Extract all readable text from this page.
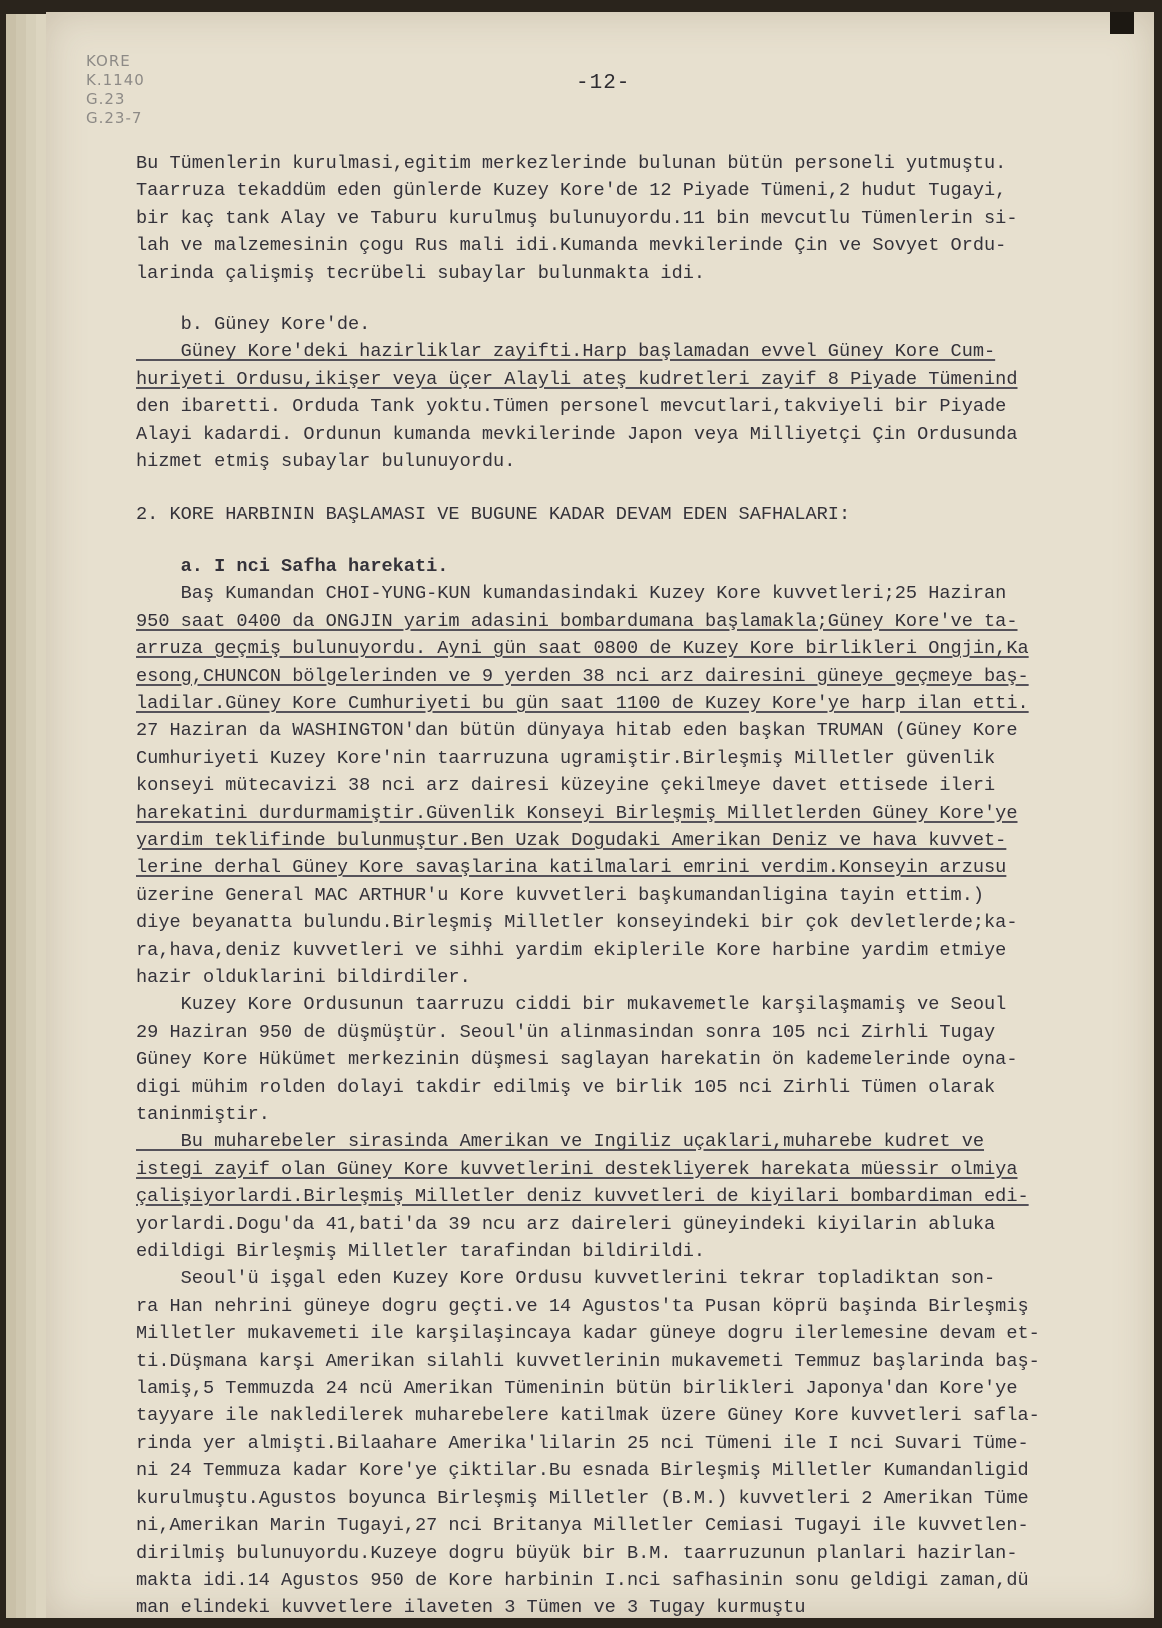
KORE
K.1140
G.23
G.23-7
-12-
Bu Tümenlerin kurulmasi,egitim merkezlerinde bulunan bütün personeli yutmuştu.
Taarruza tekaddüm eden günlerde Kuzey Kore'de 12 Piyade Tümeni,2 hudut Tugayi,
bir kaç tank Alay ve Taburu kurulmuş bulunuyordu.11 bin mevcutlu Tümenlerin si-
lah ve malzemesinin çogu Rus mali idi.Kumanda mevkilerinde Çin ve Sovyet Ordu-
larinda çalişmiş tecrübeli subaylar bulunmakta idi.
b. Güney Kore'de.
Güney Kore'deki hazirliklar zayifti.Harp başlamadan evvel Güney Kore Cum-
huriyeti Ordusu,ikişer veya üçer Alayli ateş kudretleri zayif 8 Piyade Tümenind
den ibaretti. Orduda Tank yoktu.Tümen personel mevcutlari,takviyeli bir Piyade
Alayi kadardi. Ordunun kumanda mevkilerinde Japon veya Milliyetçi Çin Ordusunda
hizmet etmiş subaylar bulunuyordu.
2. KORE HARBININ BAŞLAMASI VE BUGUNE KADAR DEVAM EDEN SAFHALARI:
a. I nci Safha harekati.
Baş Kumandan CHOI-YUNG-KUN kumandasindaki Kuzey Kore kuvvetleri;25 Haziran
950 saat 0400 da ONGJIN yarim adasini bombardumana başlamakla;Güney Kore've ta-
arruza geçmiş bulunuyordu. Ayni gün saat 0800 de Kuzey Kore birlikleri Ongjin,Ka
esong,CHUNCON bölgelerinden ve 9 yerden 38 nci arz dairesini güneye geçmeye baş-
ladilar.Güney Kore Cumhuriyeti bu gün saat 1100 de Kuzey Kore'ye harp ilan etti.
27 Haziran da WASHINGTON'dan bütün dünyaya hitab eden başkan TRUMAN (Güney Kore
Cumhuriyeti Kuzey Kore'nin taarruzuna ugramiştir.Birleşmiş Milletler güvenlik
konseyi mütecavizi 38 nci arz dairesi küzeyine çekilmeye davet ettisede ileri
harekatini durdurmamiştir.Güvenlik Konseyi Birleşmiş Milletlerden Güney Kore'ye
yardim teklifinde bulunmuştur.Ben Uzak Dogudaki Amerikan Deniz ve hava kuvvet-
lerine derhal Güney Kore savaşlarina katilmalari emrini verdim.Konseyin arzusu
üzerine General MAC ARTHUR'u Kore kuvvetleri başkumandanligina tayin ettim.)
diye beyanatta bulundu.Birleşmiş Milletler konseyindeki bir çok devletlerde;ka-
ra,hava,deniz kuvvetleri ve sihhi yardim ekiplerile Kore harbine yardim etmiye
hazir olduklarini bildirdiler.
Kuzey Kore Ordusunun taarruzu ciddi bir mukavemetle karşilaşmamiş ve Seoul
29 Haziran 950 de düşmüştür. Seoul'ün alinmasindan sonra 105 nci Zirhli Tugay
Güney Kore Hükümet merkezinin düşmesi saglayan harekatin ön kademelerinde oyna-
digi mühim rolden dolayi takdir edilmiş ve birlik 105 nci Zirhli Tümen olarak
taninmiştir.
Bu muharebeler sirasinda Amerikan ve Ingiliz uçaklari,muharebe kudret ve
istegi zayif olan Güney Kore kuvvetlerini destekliyerek harekata müessir olmiya
çalişiyorlardi.Birleşmiş Milletler deniz kuvvetleri de kiyilari bombardiman edi-
yorlardi.Dogu'da 41,bati'da 39 ncu arz daireleri güneyindeki kiyilarin abluka
edildigi Birleşmiş Milletler tarafindan bildirildi.
Seoul'ü işgal eden Kuzey Kore Ordusu kuvvetlerini tekrar topladiktan son-
ra Han nehrini güneye dogru geçti.ve 14 Agustos'ta Pusan köprü başinda Birleşmiş
Milletler mukavemeti ile karşilaşincaya kadar güneye dogru ilerlemesine devam et-
ti.Düşmana karşi Amerikan silahli kuvvetlerinin mukavemeti Temmuz başlarinda baş-
lamiş,5 Temmuzda 24 ncü Amerikan Tümeninin bütün birlikleri Japonya'dan Kore'ye
tayyare ile nakledilerek muharebelere katilmak üzere Güney Kore kuvvetleri safla-
rinda yer almişti.Bilaahare Amerika'lilarin 25 nci Tümeni ile I nci Suvari Tüme-
ni 24 Temmuza kadar Kore'ye çiktilar.Bu esnada Birleşmiş Milletler Kumandanligid
kurulmuştu.Agustos boyunca Birleşmiş Milletler (B.M.) kuvvetleri 2 Amerikan Tüme
ni,Amerikan Marin Tugayi,27 nci Britanya Milletler Cemiasi Tugayi ile kuvvetlen-
dirilmiş bulunuyordu.Kuzeye dogru büyük bir B.M. taarruzunun planlari hazirlan-
makta idi.14 Agustos 950 de Kore harbinin I.nci safhasinin sonu geldigi zaman,dü
man elindeki kuvvetlere ilaveten 3 Tümen ve 3 Tugay kurmuştu
